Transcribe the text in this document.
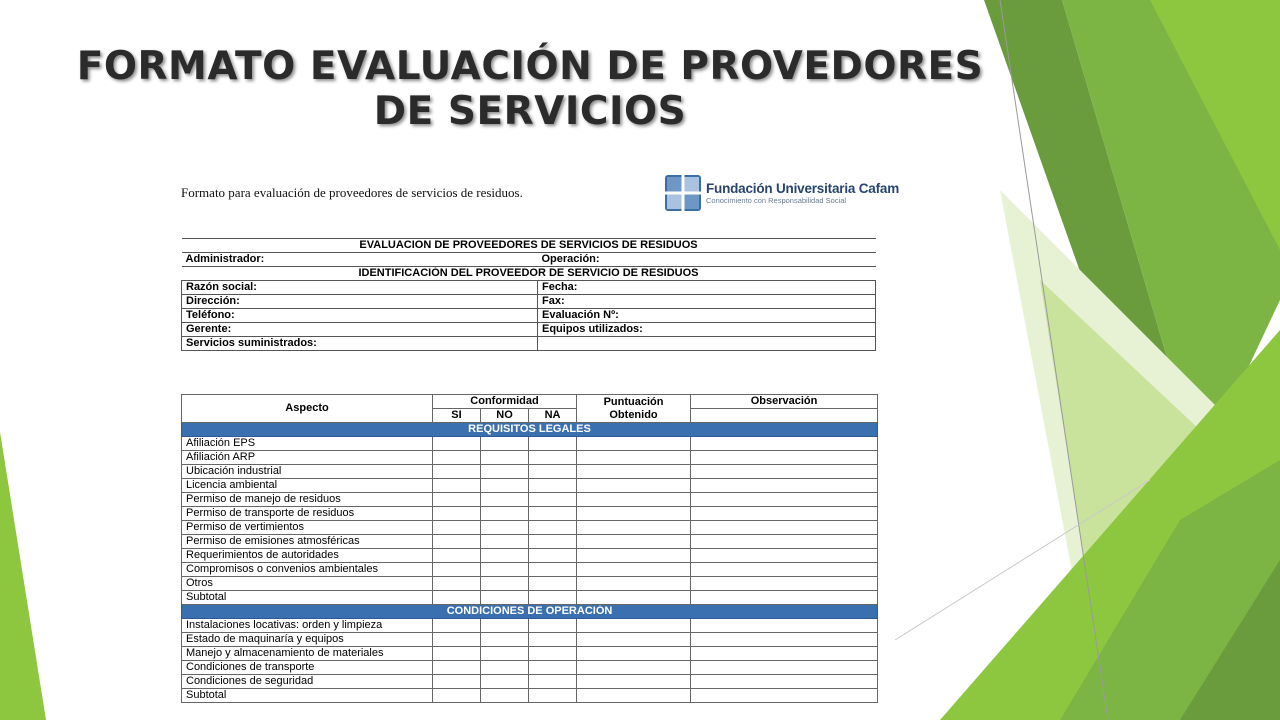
FORMATO EVALUACIÓN DE PROVEDORES DE SERVICIOS
Formato para evaluación de proveedores de servicios de residuos.	Fundación Universitaria Cafam
Conocimiento con Responsabilidad Social
EVALUACION DE PROVEEDORES DE SERVICIOS DE RESIDUOS	
Administrador:	Operación:
IDENTIFICACIÓN DEL PROVEEDOR DE SERVICIO DE RESIDUOS	
Razón social:	Fecha:
Dirección:	Fax:
Teléfono:	Evaluación Nº:
Gerente:	Equipos utilizados:
Servicios suministrados:	
Aspecto	Conformidad			Puntuación Obtenido	Observación
	SI	NO	NA		
REQUISITOS LEGALES					
Afiliación EPS					
Afiliación ARP					
Ubicación industrial					
Licencia ambiental					
Permiso de manejo de residuos					
Permiso de transporte de residuos					
Permiso de vertimientos					
Permiso de emisiones atmosféricas					
Requerimientos de autoridades					
Compromisos o convenios ambientales					
Otros					
Subtotal					
CONDICIONES DE OPERACIÓN					
Instalaciones locativas: orden y limpieza					
Estado de maquinaría y equipos					
Manejo y almacenamiento de materiales					
Condiciones de transporte					
Condiciones de seguridad					
Subtotal					
